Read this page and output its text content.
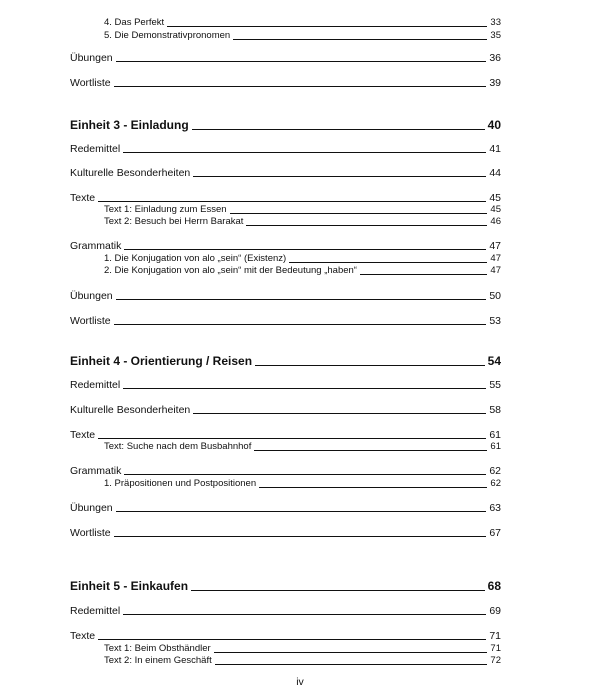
4. Das Perfekt	33
5. Die Demonstrativpronomen	35
Übungen	36
Wortliste	39
Einheit 3 - Einladung	40
Redemittel	41
Kulturelle Besonderheiten	44
Texte	45
Text 1: Einladung zum Essen	45
Text 2: Besuch bei Herrn Barakat	46
Grammatik	47
1. Die Konjugation von alo „sein“ (Existenz)	47
2. Die Konjugation von alo „sein“ mit der Bedeutung „haben“	47
Übungen	50
Wortliste	53
Einheit 4 - Orientierung / Reisen	54
Redemittel	55
Kulturelle Besonderheiten	58
Texte	61
Text: Suche nach dem Busbahnhof	61
Grammatik	62
1. Präpositionen und Postpositionen	62
Übungen	63
Wortliste	67
Einheit 5 - Einkaufen	68
Redemittel	69
Texte	71
Text 1: Beim Obsthändler	71
Text 2: In einem Geschäft	72
iv
